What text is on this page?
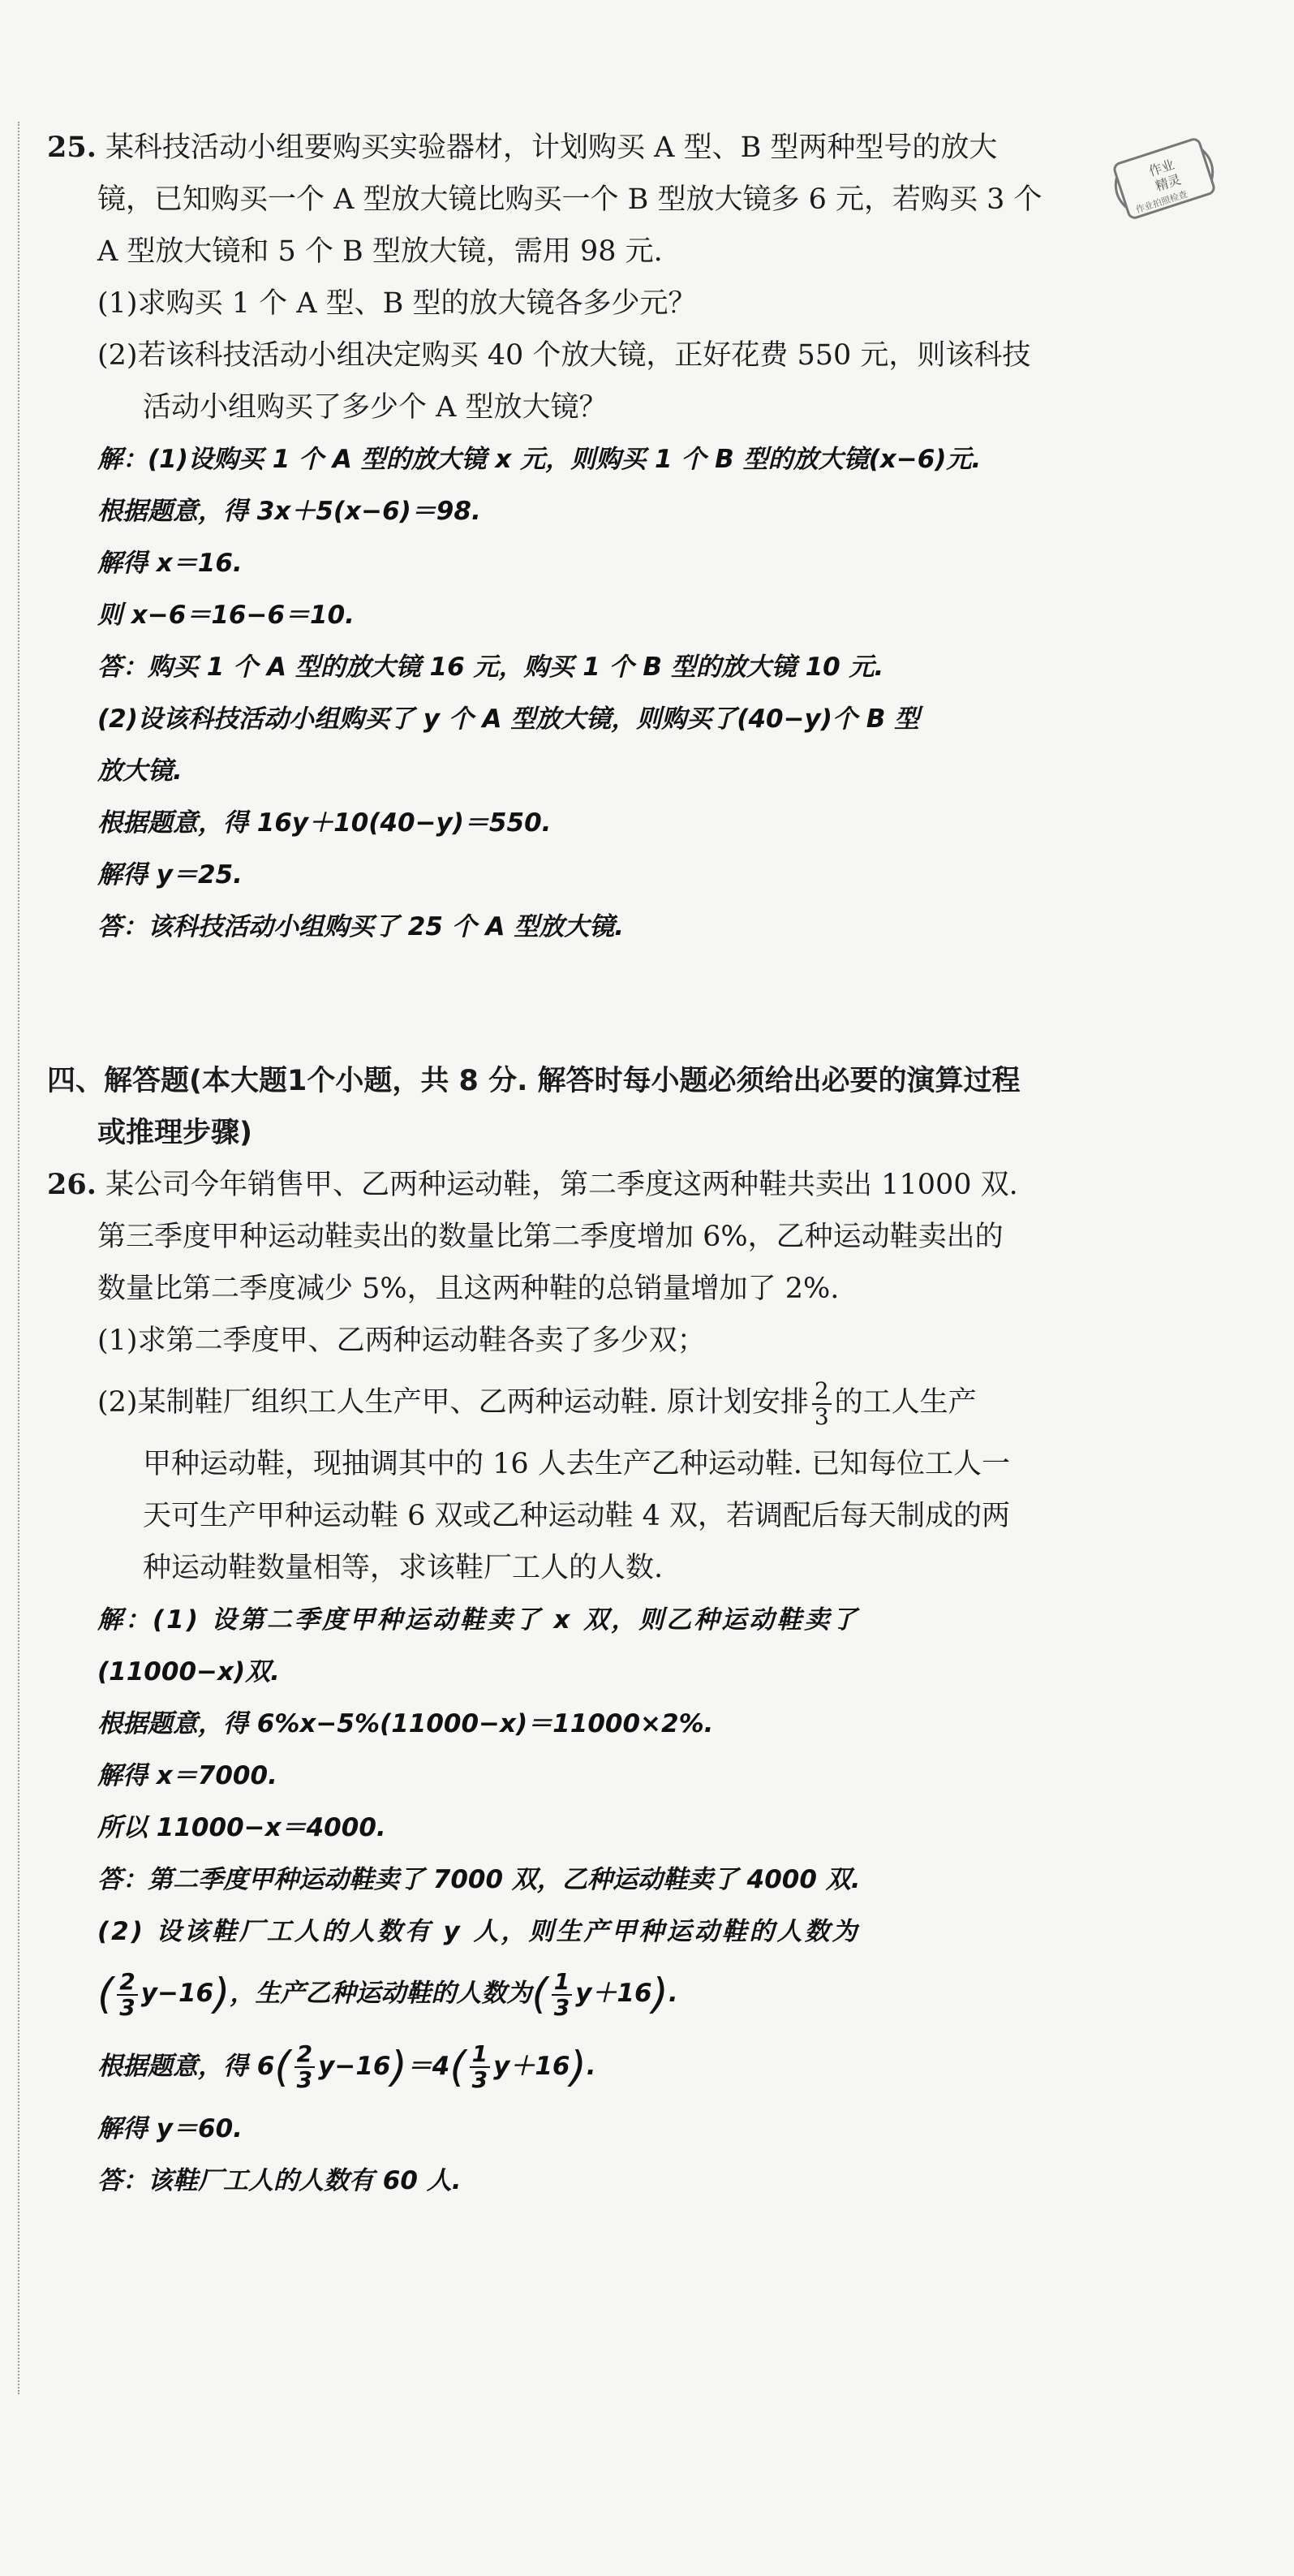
作业
精灵
作业拍照检查

25. 某科技活动小组要购买实验器材，计划购买 A 型、B 型两种型号的放大

镜，已知购买一个 A 型放大镜比购买一个 B 型放大镜多 6 元，若购买 3 个

A 型放大镜和 5 个 B 型放大镜，需用 98 元.

(1)求购买 1 个 A 型、B 型的放大镜各多少元？

(2)若该科技活动小组决定购买 40 个放大镜，正好花费 550 元，则该科技

活动小组购买了多少个 A 型放大镜？

解：(1)设购买 1 个 A 型的放大镜 x 元，则购买 1 个 B 型的放大镜(x−6)元.

根据题意，得 3x＋5(x−6)＝98.

解得 x＝16.

则 x−6＝16−6＝10.

答：购买 1 个 A 型的放大镜 16 元，购买 1 个 B 型的放大镜 10 元.

(2)设该科技活动小组购买了 y 个 A 型放大镜，则购买了(40−y)个 B 型

放大镜.

根据题意，得 16y＋10(40−y)＝550.

解得 y＝25.

答：该科技活动小组购买了 25 个 A 型放大镜.

四、解答题(本大题1个小题，共 8 分. 解答时每小题必须给出必要的演算过程

或推理步骤)

26. 某公司今年销售甲、乙两种运动鞋，第二季度这两种鞋共卖出 11000 双.

第三季度甲种运动鞋卖出的数量比第二季度增加 6%，乙种运动鞋卖出的

数量比第二季度减少 5%，且这两种鞋的总销量增加了 2%.

(1)求第二季度甲、乙两种运动鞋各卖了多少双；

(2)某制鞋厂组织工人生产甲、乙两种运动鞋. 原计划安排 $\frac{2}{3}$ 的工人生产

甲种运动鞋，现抽调其中的 16 人去生产乙种运动鞋. 已知每位工人一

天可生产甲种运动鞋 6 双或乙种运动鞋 4 双，若调配后每天制成的两

种运动鞋数量相等，求该鞋厂工人的人数.

解：(1) 设第二季度甲种运动鞋卖了 x 双，则乙种运动鞋卖了

(11000−x)双.

根据题意，得 6%x−5%(11000−x)＝11000×2%.

解得 x＝7000.

所以 11000−x＝4000.

答：第二季度甲种运动鞋卖了 7000 双，乙种运动鞋卖了 4000 双.

(2) 设该鞋厂工人的人数有 y 人，则生产甲种运动鞋的人数为

( $\frac{2}{3} y-16$)，生产乙种运动鞋的人数为( $\frac{1}{3} y+16$).

根据题意，得 $6( \frac{2}{3} y-16)=4( \frac{1}{3} y+16)$.

解得 y＝60.

答：该鞋厂工人的人数有 60 人.
